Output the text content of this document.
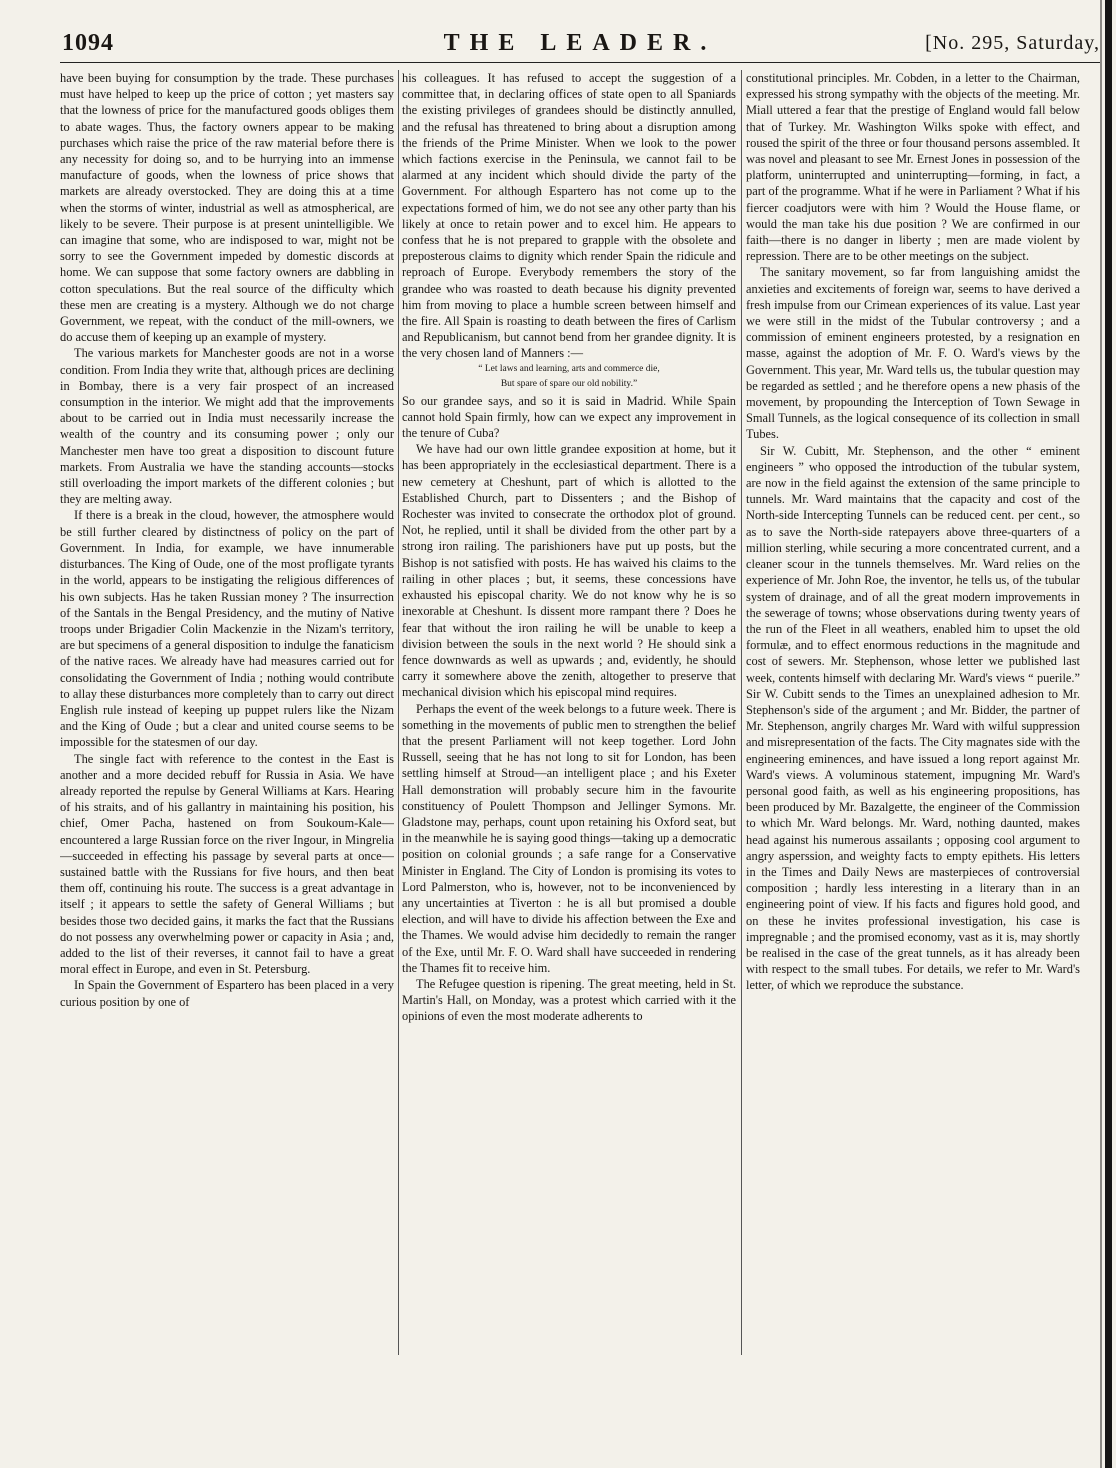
1094	THE LEADER.	[No. 295, Saturday,

have been buying for consumption by the trade. These purchases must have helped to keep up the price of cotton ; yet masters say that the lowness of price for the manufactured goods obliges them to abate wages. Thus, the factory owners appear to be making purchases which raise the price of the raw material before there is any necessity for doing so, and to be hurrying into an immense manufacture of goods, when the lowness of price shows that markets are already overstocked. They are doing this at a time when the storms of winter, industrial as well as atmospherical, are likely to be severe. Their purpose is at present unintelligible. We can imagine that some, who are indisposed to war, might not be sorry to see the Government impeded by domestic discords at home. We can suppose that some factory owners are dabbling in cotton speculations. But the real source of the difficulty which these men are creating is a mystery. Although we do not charge Government, we repeat, with the conduct of the mill-owners, we do accuse them of keeping up an example of mystery.

The various markets for Manchester goods are not in a worse condition. From India they write that, although prices are declining in Bombay, there is a very fair prospect of an increased consumption in the interior. We might add that the improvements about to be carried out in India must necessarily increase the wealth of the country and its consuming power ; only our Manchester men have too great a disposition to discount future markets. From Australia we have the standing accounts—stocks still overloading the import markets of the different colonies ; but they are melting away.

If there is a break in the cloud, however, the atmosphere would be still further cleared by distinctness of policy on the part of Government. In India, for example, we have innumerable disturbances. The King of Oude, one of the most profligate tyrants in the world, appears to be instigating the religious differences of his own subjects. Has he taken Russian money ? The insurrection of the Santals in the Bengal Presidency, and the mutiny of Native troops under Brigadier Colin Mackenzie in the Nizam's territory, are but specimens of a general disposition to indulge the fanaticism of the native races. We already have had measures carried out for consolidating the Government of India ; nothing would contribute to allay these disturbances more completely than to carry out direct English rule instead of keeping up puppet rulers like the Nizam and the King of Oude ; but a clear and united course seems to be impossible for the statesmen of our day.

The single fact with reference to the contest in the East is another and a more decided rebuff for Russia in Asia. We have already reported the repulse by General Williams at Kars. Hearing of his straits, and of his gallantry in maintaining his position, his chief, Omer Pacha, hastened on from Soukoum-Kale—encountered a large Russian force on the river Ingour, in Mingrelia—succeeded in effecting his passage by several parts at once—sustained battle with the Russians for five hours, and then beat them off, continuing his route. The success is a great advantage in itself ; it appears to settle the safety of General Williams ; but besides those two decided gains, it marks the fact that the Russians do not possess any overwhelming power or capacity in Asia ; and, added to the list of their reverses, it cannot fail to have a great moral effect in Europe, and even in St. Petersburg.

In Spain the Government of Espartero has been placed in a very curious position by one of

his colleagues. It has refused to accept the suggestion of a committee that, in declaring offices of state open to all Spaniards the existing privileges of grandees should be distinctly annulled, and the refusal has threatened to bring about a disruption among the friends of the Prime Minister. When we look to the power which factions exercise in the Peninsula, we cannot fail to be alarmed at any incident which should divide the party of the Government. For although Espartero has not come up to the expectations formed of him, we do not see any other party than his likely at once to retain power and to excel him. He appears to confess that he is not prepared to grapple with the obsolete and preposterous claims to dignity which render Spain the ridicule and reproach of Europe. Everybody remembers the story of the grandee who was roasted to death because his dignity prevented him from moving to place a humble screen between himself and the fire. All Spain is roasting to death between the fires of Carlism and Republicanism, but cannot bend from her grandee dignity. It is the very chosen land of Manners :—

“ Let laws and learning, arts and commerce die,

But spare of spare our old nobility.”

So our grandee says, and so it is said in Madrid. While Spain cannot hold Spain firmly, how can we expect any improvement in the tenure of Cuba?

We have had our own little grandee exposition at home, but it has been appropriately in the ecclesiastical department. There is a new cemetery at Cheshunt, part of which is allotted to the Established Church, part to Dissenters ; and the Bishop of Rochester was invited to consecrate the orthodox plot of ground. Not, he replied, until it shall be divided from the other part by a strong iron railing. The parishioners have put up posts, but the Bishop is not satisfied with posts. He has waived his claims to the railing in other places ; but, it seems, these concessions have exhausted his episcopal charity. We do not know why he is so inexorable at Cheshunt. Is dissent more rampant there ? Does he fear that without the iron railing he will be unable to keep a division between the souls in the next world ? He should sink a fence downwards as well as upwards ; and, evidently, he should carry it somewhere above the zenith, altogether to preserve that mechanical division which his episcopal mind requires.

Perhaps the event of the week belongs to a future week. There is something in the movements of public men to strengthen the belief that the present Parliament will not keep together. Lord John Russell, seeing that he has not long to sit for London, has been settling himself at Stroud—an intelligent place ; and his Exeter Hall demonstration will probably secure him in the favourite constituency of Poulett Thompson and Jellinger Symons. Mr. Gladstone may, perhaps, count upon retaining his Oxford seat, but in the meanwhile he is saying good things—taking up a democratic position on colonial grounds ; a safe range for a Conservative Minister in England. The City of London is promising its votes to Lord Palmerston, who is, however, not to be inconvenienced by any uncertainties at Tiverton : he is all but promised a double election, and will have to divide his affection between the Exe and the Thames. We would advise him decidedly to remain the ranger of the Exe, until Mr. F. O. Ward shall have succeeded in rendering the Thames fit to receive him.

The Refugee question is ripening. The great meeting, held in St. Martin's Hall, on Monday, was a protest which carried with it the opinions of even the most moderate adherents to

constitutional principles. Mr. Cobden, in a letter to the Chairman, expressed his strong sympathy with the objects of the meeting. Mr. Miall uttered a fear that the prestige of England would fall below that of Turkey. Mr. Washington Wilks spoke with effect, and roused the spirit of the three or four thousand persons assembled. It was novel and pleasant to see Mr. Ernest Jones in possession of the platform, uninterrupted and uninterrupting—forming, in fact, a part of the programme. What if he were in Parliament ? What if his fiercer coadjutors were with him ? Would the House flame, or would the man take his due position ? We are confirmed in our faith—there is no danger in liberty ; men are made violent by repression. There are to be other meetings on the subject.

The sanitary movement, so far from languishing amidst the anxieties and excitements of foreign war, seems to have derived a fresh impulse from our Crimean experiences of its value. Last year we were still in the midst of the Tubular controversy ; and a commission of eminent engineers protested, by a resignation en masse, against the adoption of Mr. F. O. Ward's views by the Government. This year, Mr. Ward tells us, the tubular question may be regarded as settled ; and he therefore opens a new phasis of the movement, by propounding the Interception of Town Sewage in Small Tunnels, as the logical consequence of its collection in small Tubes.

Sir W. Cubitt, Mr. Stephenson, and the other “ eminent engineers ” who opposed the introduction of the tubular system, are now in the field against the extension of the same principle to tunnels. Mr. Ward maintains that the capacity and cost of the North-side Intercepting Tunnels can be reduced cent. per cent., so as to save the North-side ratepayers above three-quarters of a million sterling, while securing a more concentrated current, and a cleaner scour in the tunnels themselves. Mr. Ward relies on the experience of Mr. John Roe, the inventor, he tells us, of the tubular system of drainage, and of all the great modern improvements in the sewerage of towns; whose observations during twenty years of the run of the Fleet in all weathers, enabled him to upset the old formulæ, and to effect enormous reductions in the magnitude and cost of sewers. Mr. Stephenson, whose letter we published last week, contents himself with declaring Mr. Ward's views “ puerile.” Sir W. Cubitt sends to the Times an unexplained adhesion to Mr. Stephenson's side of the argument ; and Mr. Bidder, the partner of Mr. Stephenson, angrily charges Mr. Ward with wilful suppression and misrepresentation of the facts. The City magnates side with the engineering eminences, and have issued a long report against Mr. Ward's views. A voluminous statement, impugning Mr. Ward's personal good faith, as well as his engineering propositions, has been produced by Mr. Bazalgette, the engineer of the Commission to which Mr. Ward belongs. Mr. Ward, nothing daunted, makes head against his numerous assailants ; opposing cool argument to angry asperssion, and weighty facts to empty epithets. His letters in the Times and Daily News are masterpieces of controversial composition ; hardly less interesting in a literary than in an engineering point of view. If his facts and figures hold good, and on these he invites professional investigation, his case is impregnable ; and the promised economy, vast as it is, may shortly be realised in the case of the great tunnels, as it has already been with respect to the small tubes. For details, we refer to Mr. Ward's letter, of which we reproduce the substance.
